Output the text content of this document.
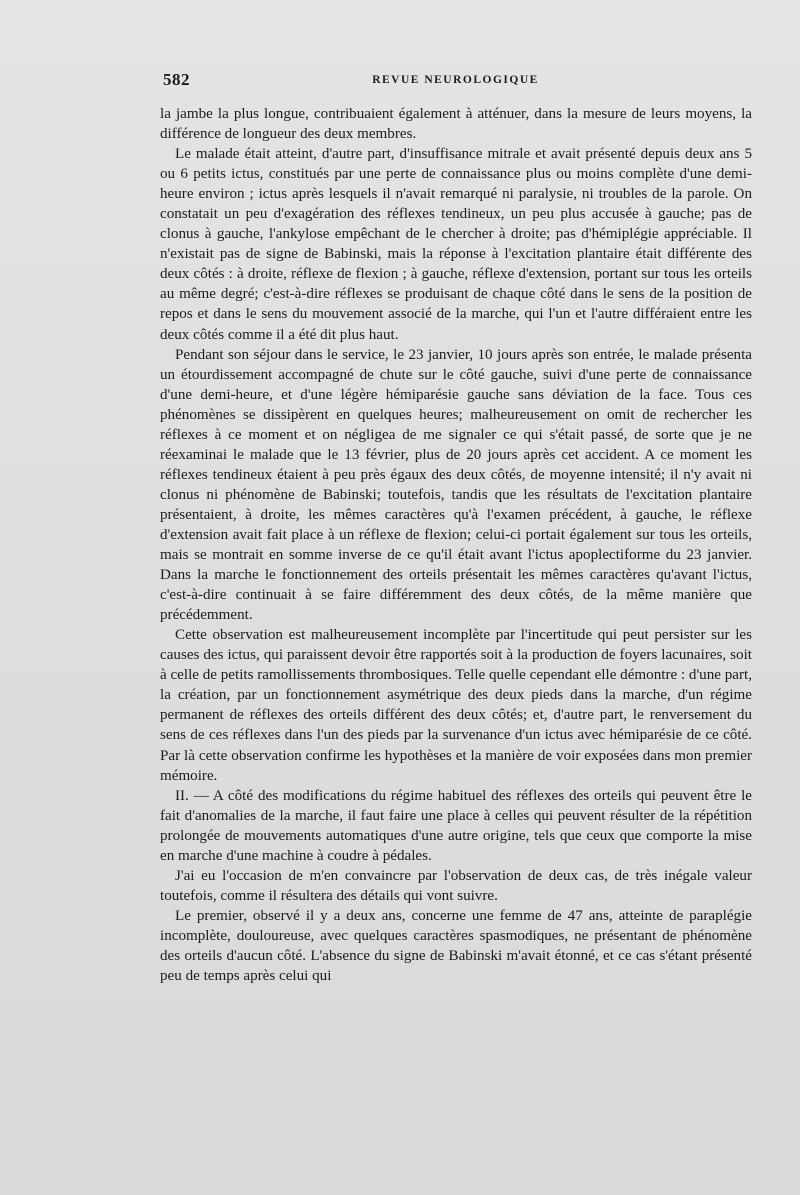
582	REVUE NEUROLOGIQUE

la jambe la plus longue, contribuaient également à atténuer, dans la mesure de leurs moyens, la différence de longueur des deux membres.

Le malade était atteint, d'autre part, d'insuffisance mitrale et avait présenté depuis deux ans 5 ou 6 petits ictus, constitués par une perte de connaissance plus ou moins complète d'une demi-heure environ ; ictus après lesquels il n'avait remarqué ni paralysie, ni troubles de la parole. On constatait un peu d'exagération des réflexes tendineux, un peu plus accusée à gauche; pas de clonus à gauche, l'ankylose empêchant de le chercher à droite; pas d'hémiplégie appréciable. Il n'existait pas de signe de Babinski, mais la réponse à l'excitation plantaire était différente des deux côtés : à droite, réflexe de flexion ; à gauche, réflexe d'extension, portant sur tous les orteils au même degré; c'est-à-dire réflexes se produisant de chaque côté dans le sens de la position de repos et dans le sens du mouvement associé de la marche, qui l'un et l'autre différaient entre les deux côtés comme il a été dit plus haut.

Pendant son séjour dans le service, le 23 janvier, 10 jours après son entrée, le malade présenta un étourdissement accompagné de chute sur le côté gauche, suivi d'une perte de connaissance d'une demi-heure, et d'une légère hémiparésie gauche sans déviation de la face. Tous ces phénomènes se dissipèrent en quelques heures; malheureusement on omit de rechercher les réflexes à ce moment et on négligea de me signaler ce qui s'était passé, de sorte que je ne réexaminai le malade que le 13 février, plus de 20 jours après cet accident. A ce moment les réflexes tendineux étaient à peu près égaux des deux côtés, de moyenne intensité; il n'y avait ni clonus ni phénomène de Babinski; toutefois, tandis que les résultats de l'excitation plantaire présentaient, à droite, les mêmes caractères qu'à l'examen précédent, à gauche, le réflexe d'extension avait fait place à un réflexe de flexion; celui-ci portait également sur tous les orteils, mais se montrait en somme inverse de ce qu'il était avant l'ictus apoplectiforme du 23 janvier. Dans la marche le fonctionnement des orteils présentait les mêmes caractères qu'avant l'ictus, c'est-à-dire continuait à se faire différemment des deux côtés, de la même manière que précédemment.

Cette observation est malheureusement incomplète par l'incertitude qui peut persister sur les causes des ictus, qui paraissent devoir être rapportés soit à la production de foyers lacunaires, soit à celle de petits ramollissements thrombosiques. Telle quelle cependant elle démontre : d'une part, la création, par un fonctionnement asymétrique des deux pieds dans la marche, d'un régime permanent de réflexes des orteils différent des deux côtés; et, d'autre part, le renversement du sens de ces réflexes dans l'un des pieds par la survenance d'un ictus avec hémiparésie de ce côté. Par là cette observation confirme les hypothèses et la manière de voir exposées dans mon premier mémoire.

II. — A côté des modifications du régime habituel des réflexes des orteils qui peuvent être le fait d'anomalies de la marche, il faut faire une place à celles qui peuvent résulter de la répétition prolongée de mouvements automatiques d'une autre origine, tels que ceux que comporte la mise en marche d'une machine à coudre à pédales.

J'ai eu l'occasion de m'en convaincre par l'observation de deux cas, de très inégale valeur toutefois, comme il résultera des détails qui vont suivre.

Le premier, observé il y a deux ans, concerne une femme de 47 ans, atteinte de paraplégie incomplète, douloureuse, avec quelques caractères spasmodiques, ne présentant de phénomène des orteils d'aucun côté. L'absence du signe de Babinski m'avait étonné, et ce cas s'étant présenté peu de temps après celui qui
